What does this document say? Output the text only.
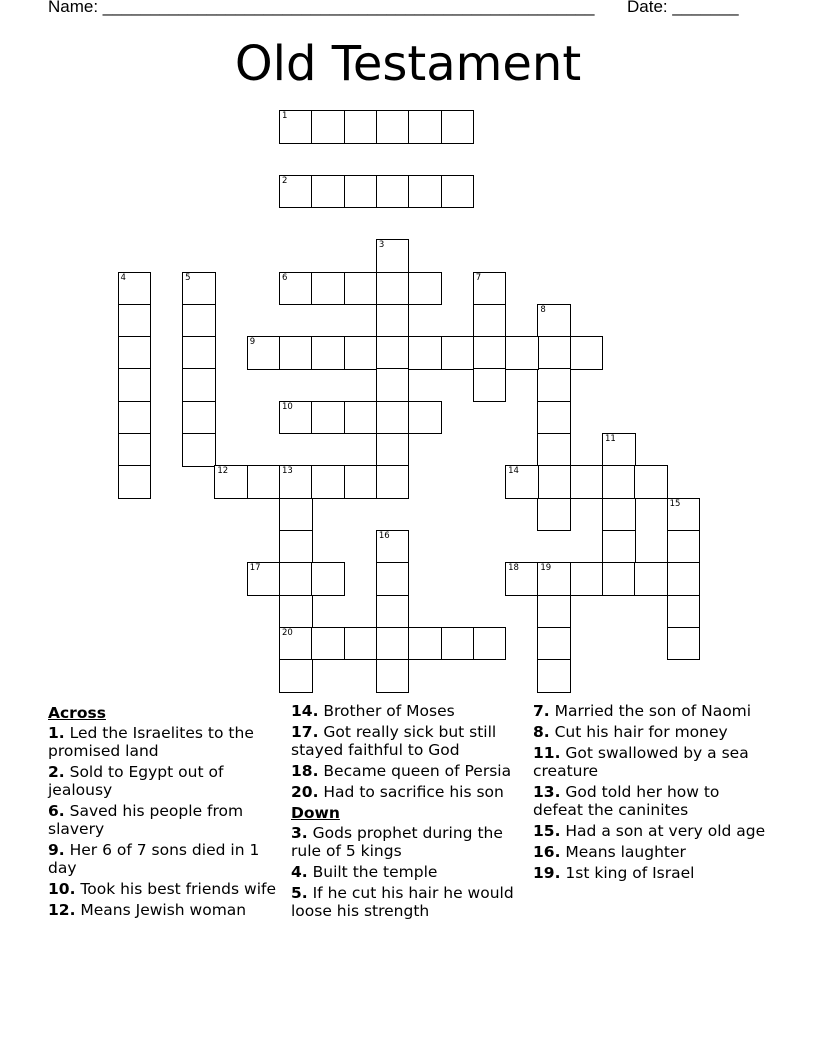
Name: ____________________________________________________ Date: _______
Old Testament
1
2
3
4	5	6	7
8
9
10
11
12	13
20
14
15
16
17	18	19
Across
1. Led the Israelites to the promised land
2. Sold to Egypt out of jealousy
6. Saved his people from slavery
9. Her 6 of 7 sons died in 1 day
10. Took his best friends wife
12. Means Jewish woman
14. Brother of Moses
17. Got really sick but still stayed faithful to God
18. Became queen of Persia
20. Had to sacrifice his son
Down
3. Gods prophet during the rule of 5 kings
4. Built the temple
5. If he cut his hair he would loose his strength
7. Married the son of Naomi
8. Cut his hair for money
11. Got swallowed by a sea creature
13. God told her how to defeat the caninites
15. Had a son at very old age
16. Means laughter
19. 1st king of Israel
